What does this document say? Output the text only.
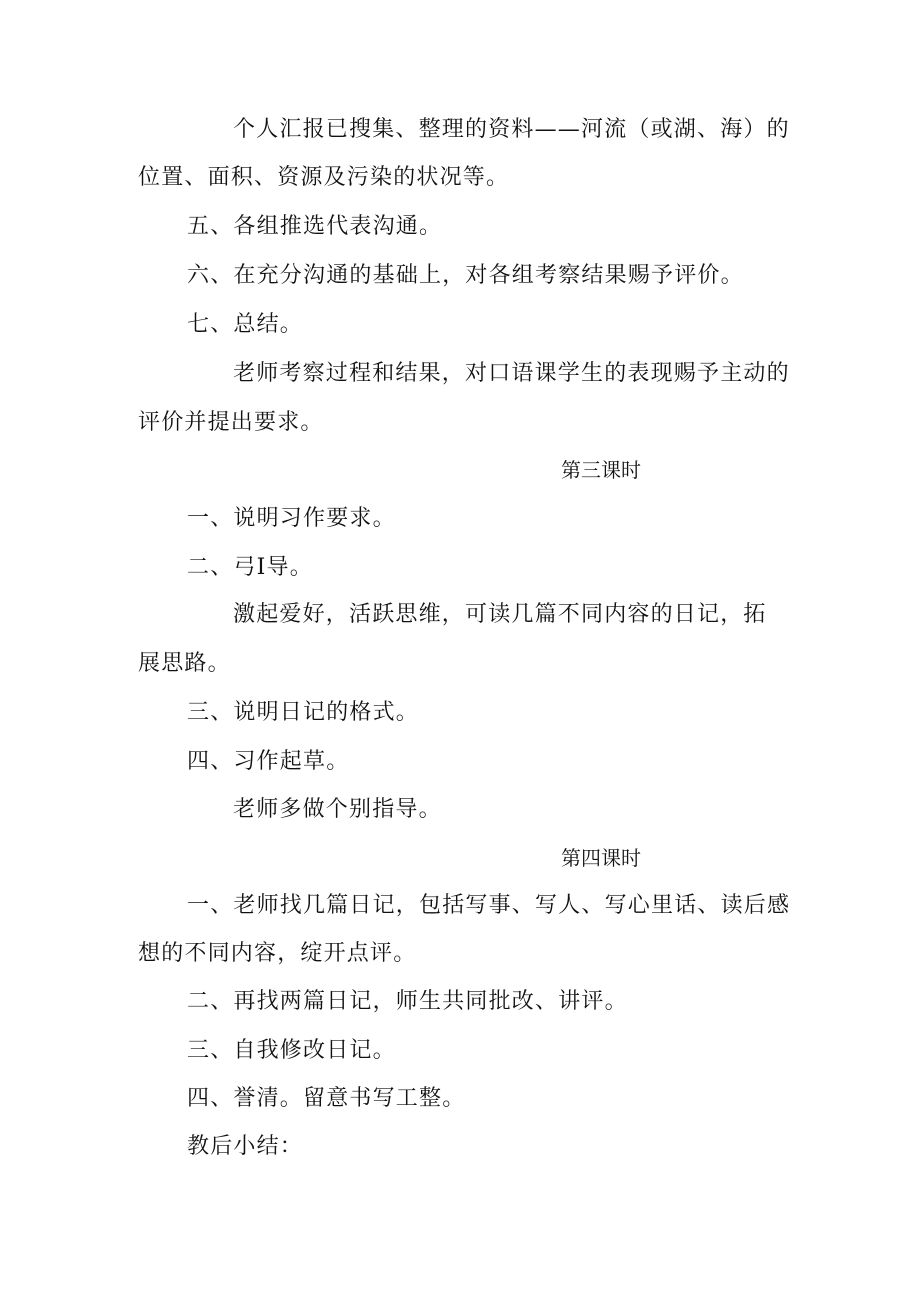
个人汇报已搜集、整理的资料——河流（或湖、海）的
位置、面积、资源及污染的状况等。
五、各组推选代表沟通。
六、在充分沟通的基础上，对各组考察结果赐予评价。
七、总结。
老师考察过程和结果，对口语课学生的表现赐予主动的
评价并提出要求。
第三课时
一、说明习作要求。
二、弓I导。
激起爱好，活跃思维，可读几篇不同内容的日记，拓
展思路。
三、说明日记的格式。
四、习作起草。
老师多做个别指导。
第四课时
一、老师找几篇日记，包括写事、写人、写心里话、读后感
想的不同内容，绽开点评。
二、再找两篇日记，师生共同批改、讲评。
三、自我修改日记。
四、誉清。留意书写工整。
教后小结：
